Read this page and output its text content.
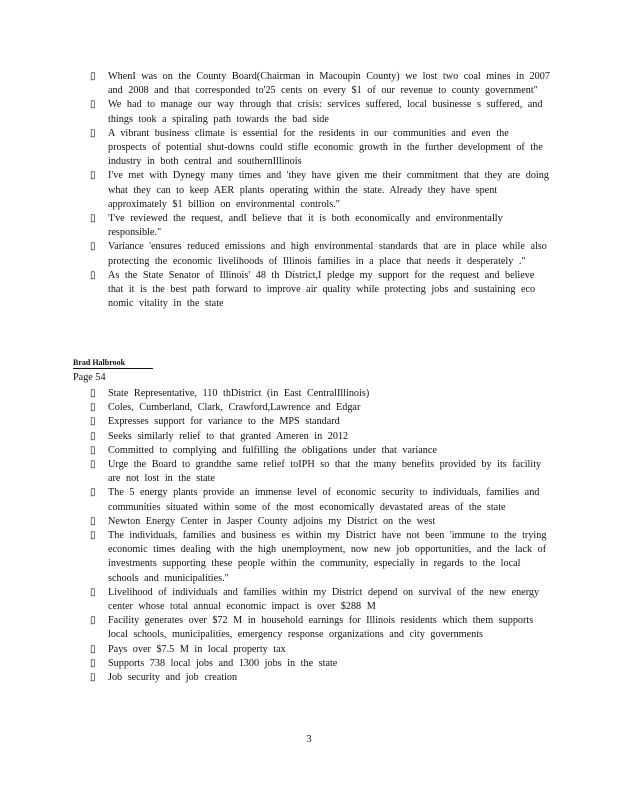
▯
WhenI was on the County Board(Chairman in Macoupin County) we lost two coal mines in 2007 and 2008 and that corresponded to'25 cents on every $1 of our revenue to county government"
▯
We had to manage our way through that crisis: services suffered, local businesse s suffered, and things took a spiraling path towards the bad side
▯
A vibrant business climate is essential for the residents in our communities and even the prospects of potential shut-downs could stifle economic growth in the further development of the industry in both central and southernIllinois
▯
I've met with Dynegy many times and 'they have given me their commitment that they are doing what they can to keep AER plants operating within the state. Already they have spent approximately $1 billion on environmental controls."
▯
'I've reviewed the request, andI believe that it is both economically and environmentally responsible."
▯
Variance 'ensures reduced emissions and high environmental standards that are in place while also protecting the economic livelihoods of Illinois families in a place that needs it desperately ."
▯
As the State Senator of Illinois' 48 th District,I pledge my support for the request and believe that it is the best path forward to improve air quality while protecting jobs and sustaining eco nomic vitality in the state
Brad Halbrook
Page 54
▯
State Representative, 110 thDistrict (in East CentralIllinois)
▯
Coles, Cumberland, Clark, Crawford,Lawrence and Edgar
▯
Expresses support for variance to the MPS standard
▯
Seeks similarly relief to that granted Ameren in 2012
▯
Committed to complying and fulfilling the obligations under that variance
▯
Urge the Board to grandthe same relief toIPH so that the many benefits provided by its facility are not lost in the state
▯
The 5 energy plants provide an immense level of economic security to individuals, families and communities situated within some of the most economically devastated areas of the state
▯
Newton Energy Center in Jasper County adjoins my District on the west
▯
The individuals, families and business es within my District have not been 'immune to the trying economic times dealing with the high unemployment, now new job opportunities, and the lack of investments supporting these people within the community, especially in regards to the local schools and municipalities."
▯
Livelihood of individuals and families within my District depend on survival of the new energy center whose total annual economic impact is over $288 M
▯
Facility generates over $72 M in household earnings for Illinois residents which them supports local schools, municipalities, emergency response organizations and city governments
▯
Pays over $7.5 M in local property tax
▯
Supports 738 local jobs and 1300 jobs in the state
▯
Job security and job creation
3
